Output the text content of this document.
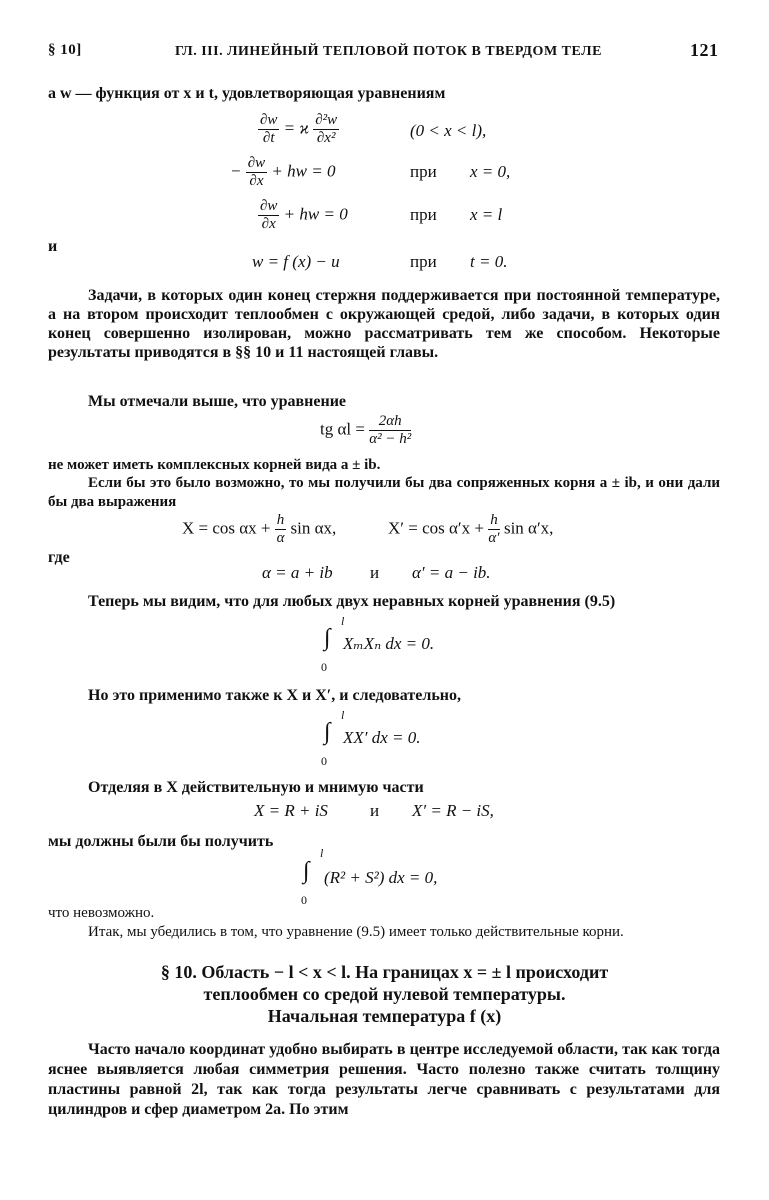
§ 10]	ГЛ. III. ЛИНЕЙНЫЙ ТЕПЛОВОЙ ПОТОК В ТВЕРДОМ ТЕЛЕ	121
а w — функция от x и t, удовлетворяющая уравнениям
$\frac{\partial w}{\partial t} = ϰ \frac{\text{∂²w}}{\text{∂x²}}$	(0 < x < l),
− $\frac{\partial w}{\partial x}$ + hw = 0	при x = 0,
$\frac{\partial w}{\partial x}$ + hw = 0	при x = l
и
w = f (x) − u	при t = 0.
Задачи, в которых один конец стержня поддерживается при постоянной температуре, а на втором происходит теплообмен с окружающей средой, либо задачи, в которых один конец совершенно изолирован, можно рассматривать тем же способом. Некоторые результаты приводятся в §§ 10 и 11 настоящей главы.
Мы отмечали выше, что уравнение
tg $\alpha l = \frac{2\alpha h}{\text{α² − h²}}$
не может иметь комплексных корней вида a ± ib.
Если бы это было возможно, то мы получили бы два сопряженных корня a ± ib, и они дали бы два выражения
$X = \cos \alpha x + \frac{h}{\alpha}$ sin αx,	$X' = \cos \alpha'x + \frac{h}{\alpha'}$ sin α′x,
где
α = a + ib и α′ = a − ib.
Теперь мы видим, что для любых двух неравных корней уравнения (9.5)
l
∫ XₘXₙ dx = 0.
0
Но это применимо также к X и X′, и следовательно,
l
∫ XX′ dx = 0.
0
Отделяя в X действительную и мнимую части
X = R + iS и X′ = R − iS,
мы должны были бы получить
l
∫ (R² + S²) dx = 0,
0
что невозможно.
Итак, мы убедились в том, что уравнение (9.5) имеет только действительные корни.
§ 10. Область − l < x < l. На границах x = ± l происходит
теплообмен со средой нулевой температуры.
Начальная температура f (x)
Часто начало координат удобно выбирать в центре исследуемой области, так как тогда яснее выявляется любая симметрия решения. Часто полезно также считать толщину пластины равной 2l, так как тогда результаты легче сравнивать с результатами для цилиндров и сфер диаметром 2a. По этим
